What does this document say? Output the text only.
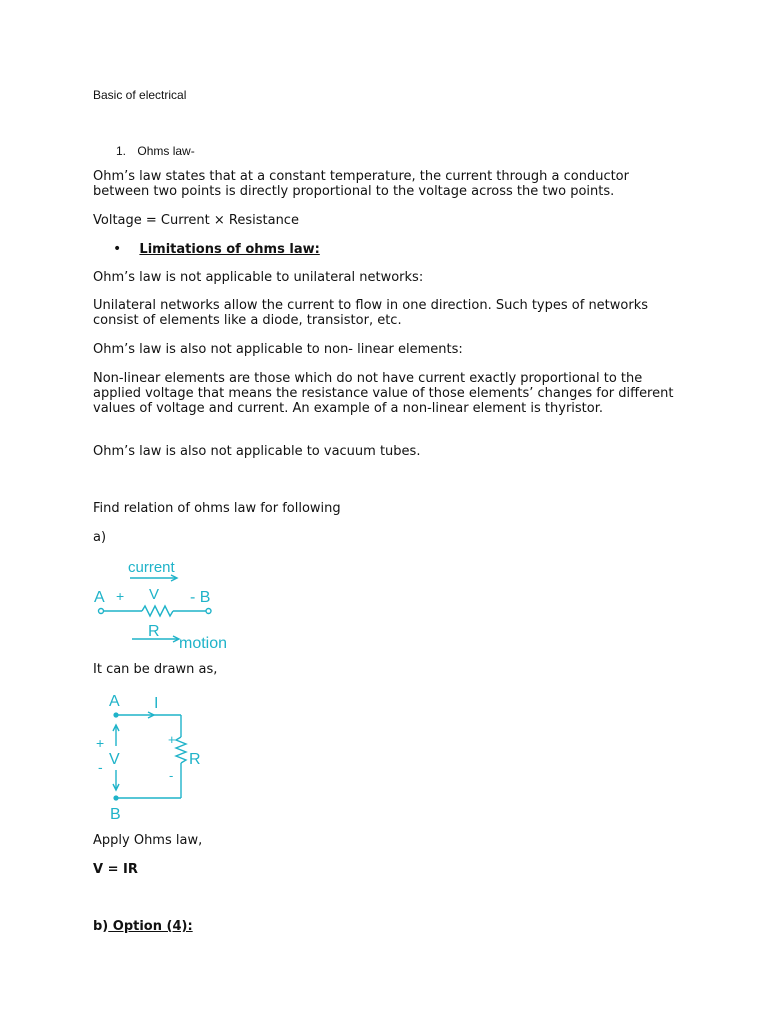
Basic of electrical

1. Ohms law-

Ohm’s law states that at a constant temperature, the current through a conductor between two points is directly proportional to the voltage across the two points.

Voltage = Current × Resistance

• Limitations of ohms law:

Ohm’s law is not applicable to unilateral networks:

Unilateral networks allow the current to flow in one direction. Such types of networks consist of elements like a diode, transistor, etc.

Ohm’s law is also not applicable to non- linear elements:

Non-linear elements are those which do not have current exactly proportional to the applied voltage that means the resistance value of those elements’ changes for different values of voltage and current. An example of a non-linear element is thyristor.

Ohm’s law is also not applicable to vacuum tubes.

Find relation of ohms law for following

a)

current
A + V - B
R
motion

It can be drawn as,

A I
+
V
-
+
R
-
B

Apply Ohms law,

V = IR

b) Option (4):
